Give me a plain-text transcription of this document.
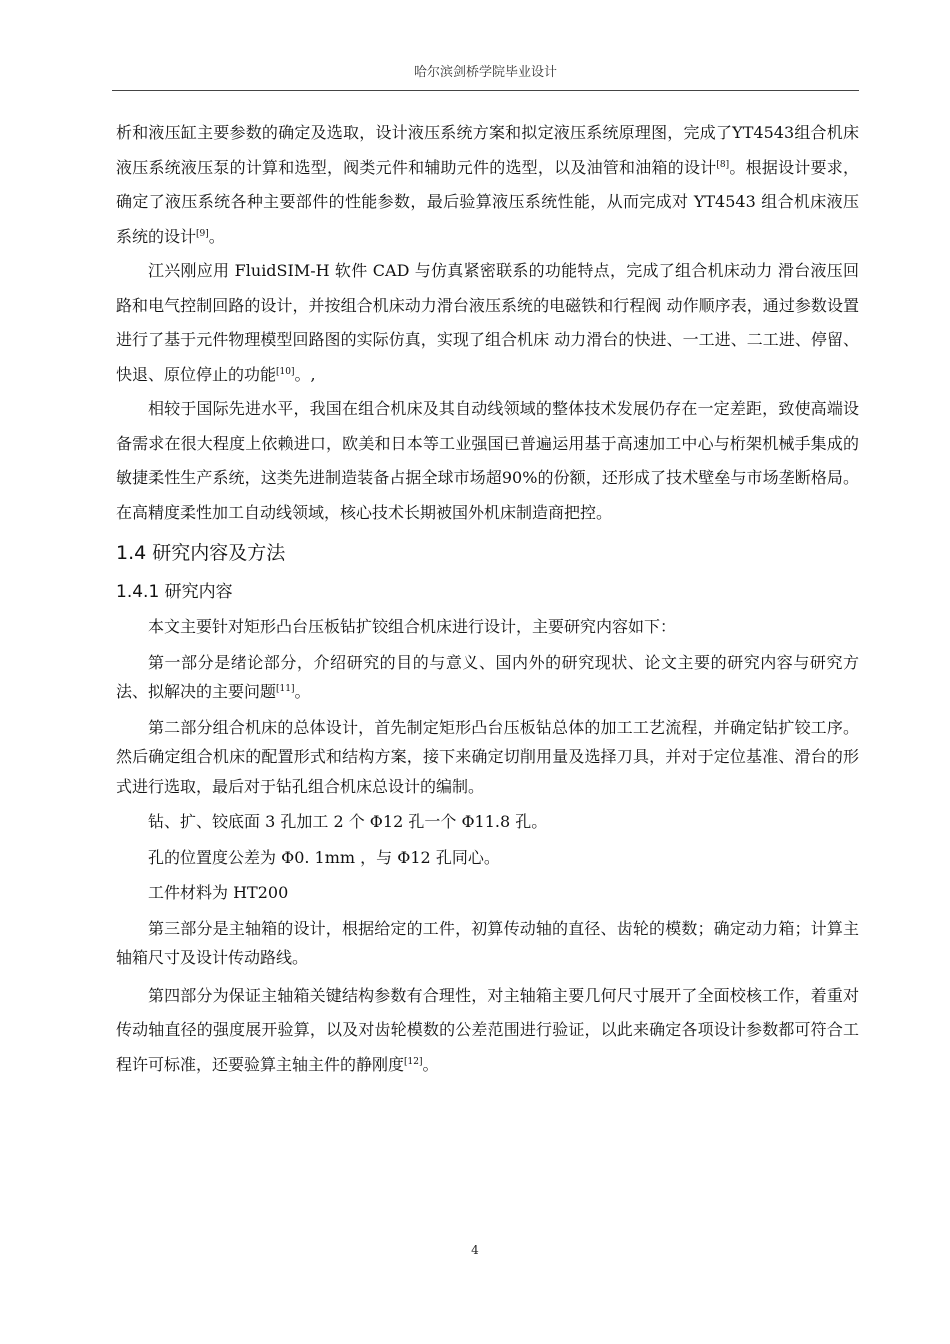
哈尔滨剑桥学院毕业设计

析和液压缸主要参数的确定及选取，设计液压系统方案和拟定液压系统原理图，完成了YT4543组合机床液压系统液压泵的计算和选型，阀类元件和辅助元件的选型，以及油管和油箱的设计[8]。根据设计要求，确定了液压系统各种主要部件的性能参数，最后验算液压系统性能，从而完成对 YT4543 组合机床液压系统的设计[9]。

江兴刚应用 FluidSIM-H 软件 CAD 与仿真紧密联系的功能特点，完成了组合机床动力 滑台液压回路和电气控制回路的设计，并按组合机床动力滑台液压系统的电磁铁和行程阀 动作顺序表，通过参数设置进行了基于元件物理模型回路图的实际仿真，实现了组合机床 动力滑台的快进、一工进、二工进、停留、快退、原位停止的功能[10]。,

相较于国际先进水平，我国在组合机床及其自动线领域的整体技术发展仍存在一定差距，致使高端设备需求在很大程度上依赖进口，欧美和日本等工业强国已普遍运用基于高速加工中心与桁架机械手集成的敏捷柔性生产系统，这类先进制造装备占据全球市场超90%的份额，还形成了技术壁垒与市场垄断格局。在高精度柔性加工自动线领域，核心技术长期被国外机床制造商把控。

1.4 研究内容及方法
1.4.1 研究内容

本文主要针对矩形凸台压板钻扩铰组合机床进行设计，主要研究内容如下：

第一部分是绪论部分，介绍研究的目的与意义、国内外的研究现状、论文主要的研究内容与研究方法、拟解决的主要问题[11]。

第二部分组合机床的总体设计，首先制定矩形凸台压板钻总体的加工工艺流程，并确定钻扩铰工序。然后确定组合机床的配置形式和结构方案，接下来确定切削用量及选择刀具，并对于定位基准、滑台的形式进行选取，最后对于钻孔组合机床总设计的编制。

钻、扩、铰底面 3 孔加工 2 个 Φ12 孔一个 Φ11.8 孔。

孔的位置度公差为 Φ0. 1mm ，与 Φ12 孔同心。

工件材料为 HT200

第三部分是主轴箱的设计，根据给定的工件，初算传动轴的直径、齿轮的模数；确定动力箱；计算主轴箱尺寸及设计传动路线。

第四部分为保证主轴箱关键结构参数有合理性，对主轴箱主要几何尺寸展开了全面校核工作，着重对传动轴直径的强度展开验算，以及对齿轮模数的公差范围进行验证，以此来确定各项设计参数都可符合工程许可标准，还要验算主轴主件的静刚度[12]。

4
